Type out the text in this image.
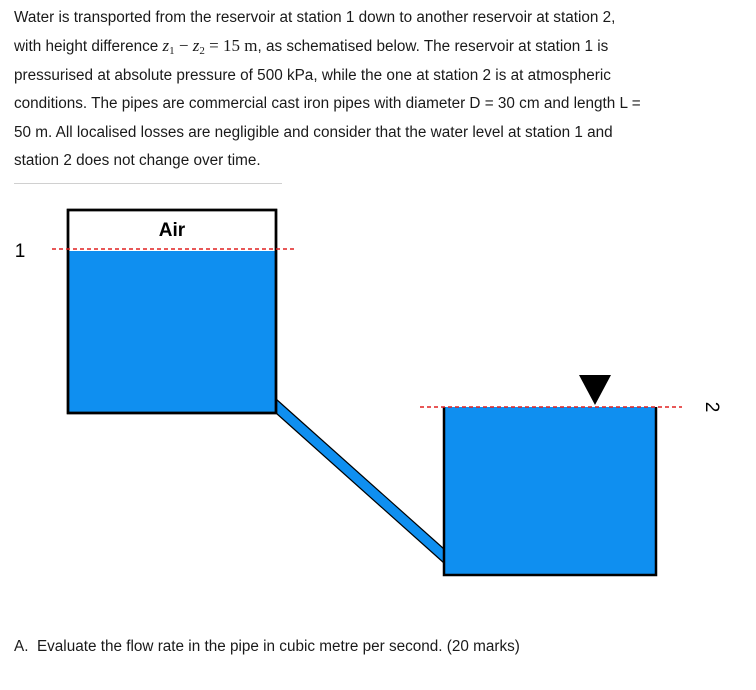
Water is transported from the reservoir at station 1 down to another reservoir at station 2,
with height difference $z_1 - z_2 = 15$ m, as schematised below. The reservoir at station 1 is
pressurised at absolute pressure of 500 kPa, while the one at station 2 is at atmospheric
conditions. The pipes are commercial cast iron pipes with diameter D = 30 cm and length L =
50 m. All localised losses are negligible and consider that the water level at station 1 and
station 2 does not change over time.

Air
1
2

A. Evaluate the flow rate in the pipe in cubic metre per second. (20 marks)
